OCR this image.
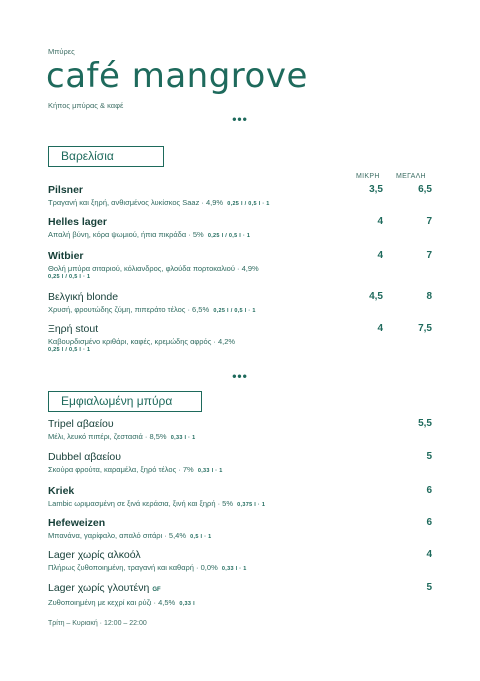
Μπύρες
café mangrove
Κήπος μπύρας & καφέ
•••
Βαρελίσια
ΜΙΚΡΗ ΜΕΓΑΛΗ
Pilsner
Τραγανή και ξηρή, ανθισμένος λυκίσκος Saaz · 4,9% 0,25 l / 0,5 l · 1
3,5	6,5
Helles lager
Απαλή βύνη, κόρα ψωμιού, ήπια πικράδα · 5% 0,25 l / 0,5 l · 1
4	7
Witbier
Θολή μπύρα σιταριού, κόλιανδρος, φλούδα πορτοκαλιού · 4,9%
0,25 l / 0,5 l · 1
4	7
Βελγική blonde
Χρυσή, φρουτώδης ζύμη, πιπεράτο τέλος · 6,5% 0,25 l / 0,5 l · 1
4,5	8
Ξηρή stout
Καβουρδισμένο κριθάρι, καφές, κρεμώδης αφρός · 4,2%
0,25 l / 0,5 l · 1
4	7,5
•••
Εμφιαλωμένη μπύρα
Tripel αβαείου
Μέλι, λευκό πιπέρι, ζεστασιά · 8,5% 0,33 l · 1
5,5
Dubbel αβαείου
Σκούρα φρούτα, καραμέλα, ξηρό τέλος · 7% 0,33 l · 1
5
Kriek
Lambic ωριμασμένη σε ξινά κεράσια, ξινή και ξηρή · 5% 0,375 l · 1
6
Hefeweizen
Μπανάνα, γαρίφαλο, απαλό σιτάρι · 5,4% 0,5 l · 1
6
Lager χωρίς αλκοόλ
Πλήρως ζυθοποιημένη, τραγανή και καθαρή · 0,0% 0,33 l · 1
4
Lager χωρίς γλουτένη GF
Ζυθοποιημένη με κεχρί και ρύζι · 4,5% 0,33 l
5
Τρίτη – Κυριακή · 12:00 – 22:00
